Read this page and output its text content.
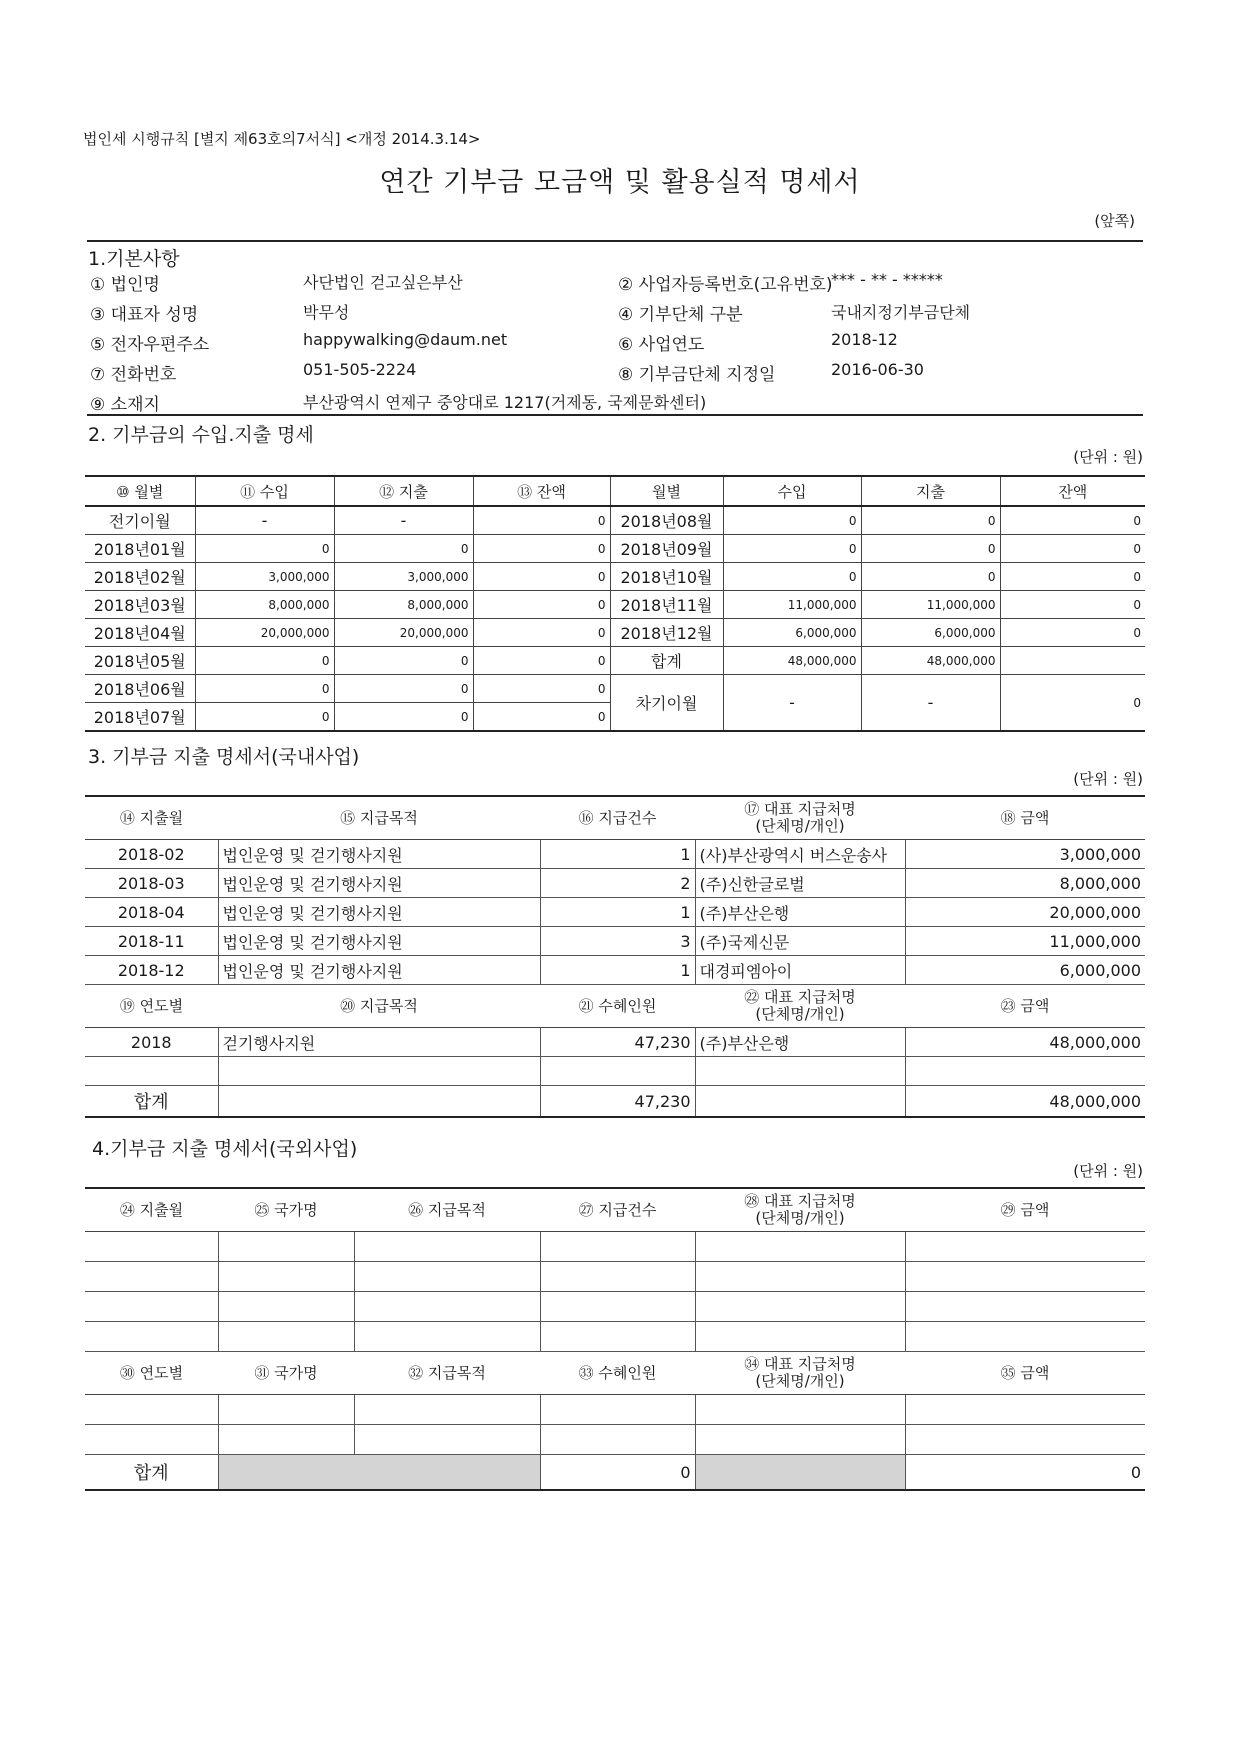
법인세 시행규칙 [별지 제63호의7서식] <개정 2014.3.14>
연간 기부금 모금액 및 활용실적 명세서
(앞쪽)
1.기본사항
① 법인명	사단법인 걷고싶은부산	② 사업자등록번호(고유번호)
*** - ** - *****
③ 대표자 성명	박무성	④ 기부단체 구분	국내지정기부금단체
⑤ 전자우편주소	happywalking@daum.net	⑥ 사업연도	2018-12
⑦ 전화번호	051-505-2224	⑧ 기부금단체 지정일	2016-06-30
⑨ 소재지	부산광역시 연제구 중앙대로 1217(거제동, 국제문화센터)
2. 기부금의 수입.지출 명세
(단위 : 원)
⑩ 월별	⑪ 수입	⑫ 지출	⑬ 잔액	월별	수입	지출	잔액
전기이월	-	-	0	2018년08월	0	0	0
2018년01월	0	0	0	2018년09월	0	0	0
2018년02월	3,000,000	3,000,000	0	2018년10월	0	0	0
2018년03월	8,000,000	8,000,000	0	2018년11월	11,000,000	11,000,000	0
2018년04월	20,000,000	20,000,000	0	2018년12월	6,000,000	6,000,000	0
2018년05월	0	0	0	합계	48,000,000	48,000,000	
2018년06월	0	0	0	차기이월	-	-	0
2018년07월	0	0	0				
3. 기부금 지출 명세서(국내사업)
(단위 : 원)
⑭ 지출월	⑮ 지급목적	⑯ 지급건수	⑰ 대표 지급처명
(단체명/개인)	⑱ 금액
2018-02	법인운영 및 걷기행사지원	1	(사)부산광역시 버스운송사	3,000,000
2018-03	법인운영 및 걷기행사지원	2	(주)신한글로벌	8,000,000
2018-04	법인운영 및 걷기행사지원	1	(주)부산은행	20,000,000
2018-11	법인운영 및 걷기행사지원	3	(주)국제신문	11,000,000
2018-12	법인운영 및 걷기행사지원	1	대경피엠아이	6,000,000
⑲ 연도별	⑳ 지급목적	㉑ 수혜인원	㉒ 대표 지급처명
(단체명/개인)	㉓ 금액
2018	걷기행사지원	47,230	(주)부산은행	48,000,000

합계		47,230		48,000,000
4.기부금 지출 명세서(국외사업)
(단위 : 원)
㉔ 지출월	㉕ 국가명	㉖ 지급목적	㉗ 지급건수	㉘ 대표 지급처명
(단체명/개인)	㉙ 금액

㉚ 연도별	㉛ 국가명	㉜ 지급목적	㉝ 수혜인원	㉞ 대표 지급처명
(단체명/개인)	㉟ 금액

합계			0		0
